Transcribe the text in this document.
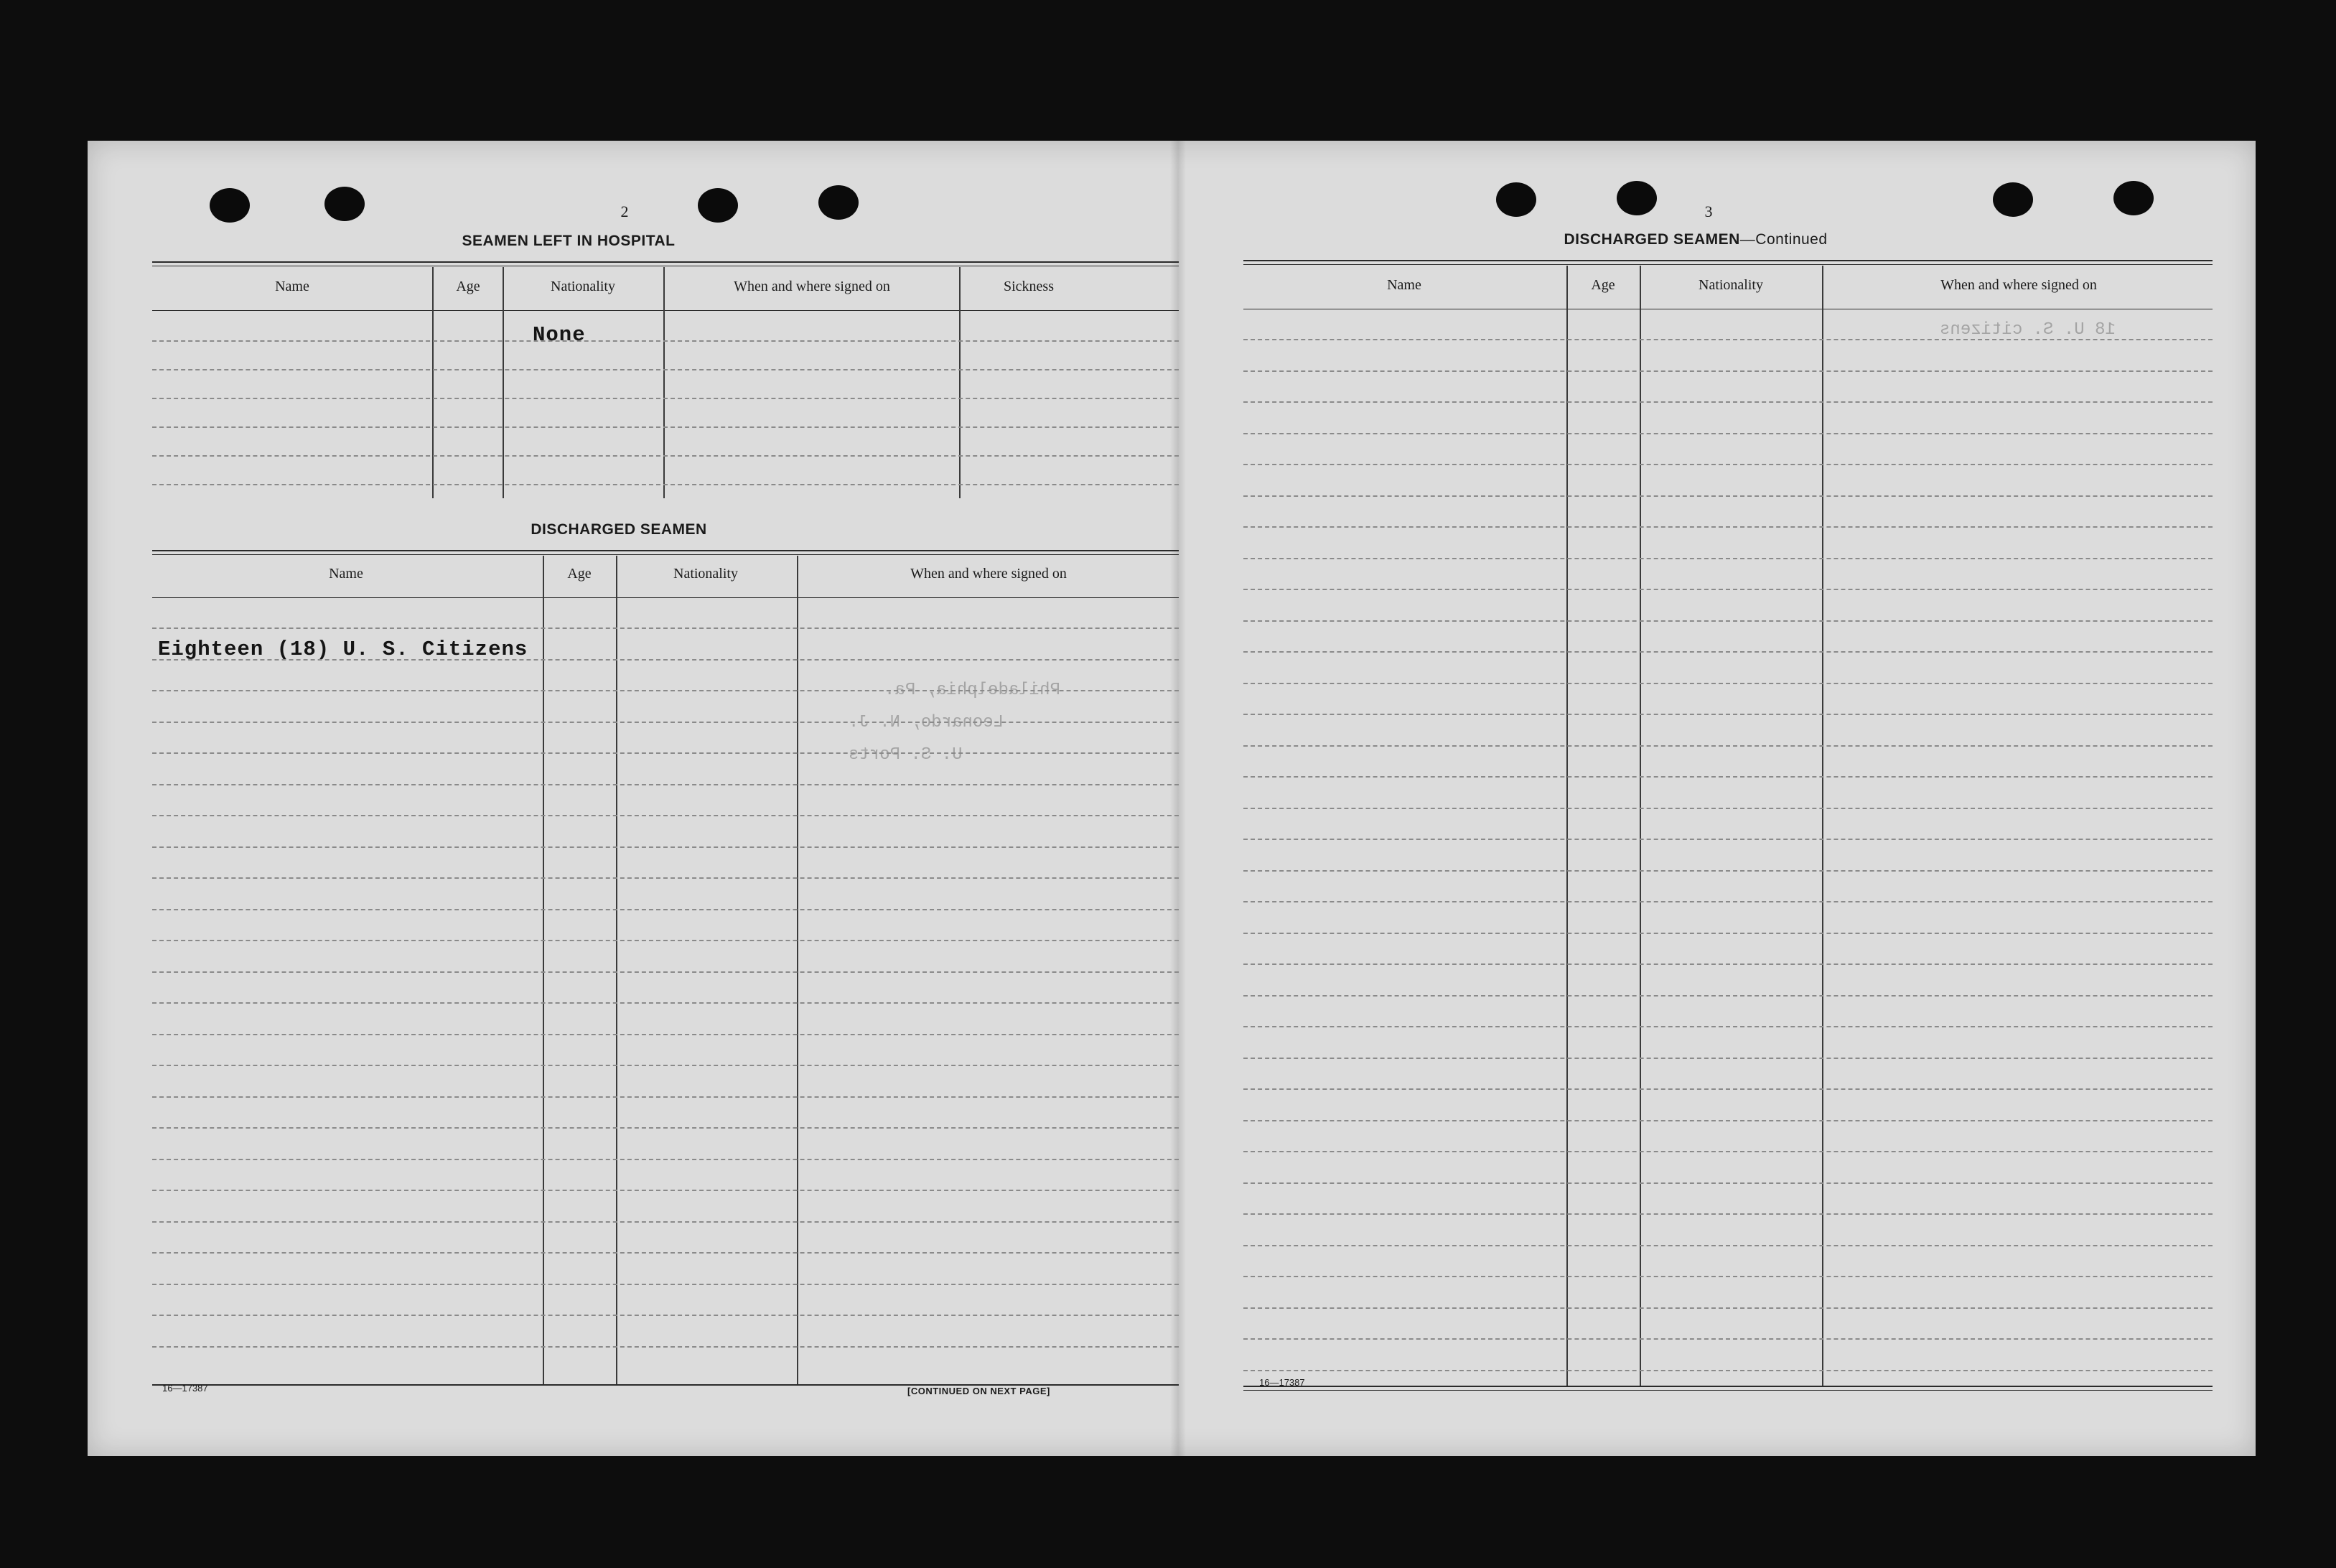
Philadelphia, Pa.
Leonardo, N. J.
U. S. Ports
18 U. S. citizens
2
SEAMEN LEFT IN HOSPITAL
Name	Age	Nationality	When and where signed on	Sickness
None
DISCHARGED SEAMEN
Name	Age	Nationality	When and where signed on
Eighteen (18) U. S. Citizens
16—17387	[CONTINUED ON NEXT PAGE]
3
DISCHARGED SEAMEN—Continued
Name	Age	Nationality	When and where signed on
16—17387
